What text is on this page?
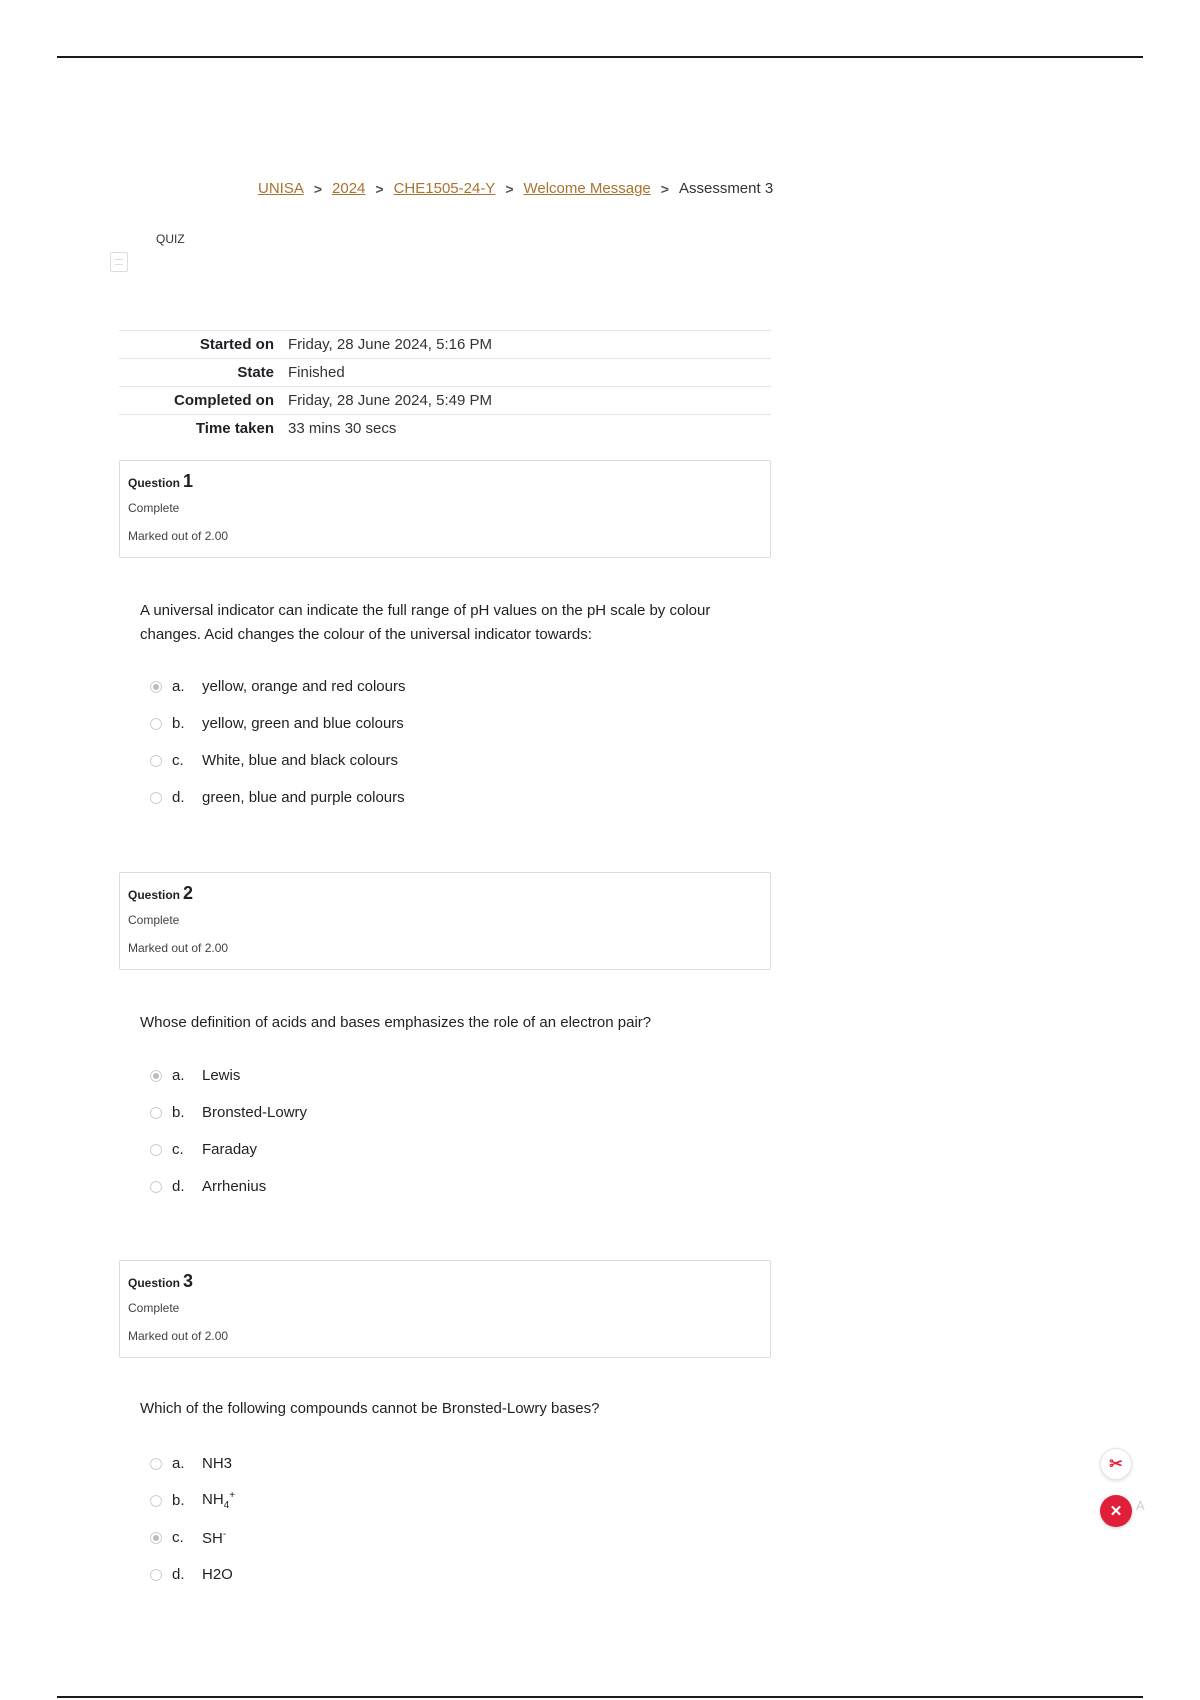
UNISA > 2024 > CHE1505-24-Y > Welcome Message > Assessment 3
QUIZ
Started on	Friday, 28 June 2024, 5:16 PM
State	Finished
Completed on	Friday, 28 June 2024, 5:49 PM
Time taken	33 mins 30 secs
Question 1
Complete
Marked out of 2.00
A universal indicator can indicate the full range of pH values on the pH scale by colour changes. Acid changes the colour of the universal indicator towards:
a.	yellow, orange and red colours
b.	yellow, green and blue colours
c.	White, blue and black colours
d.	green, blue and purple colours
Question 2
Complete
Marked out of 2.00
Whose definition of acids and bases emphasizes the role of an electron pair?
a.	Lewis
b.	Bronsted-Lowry
c.	Faraday
d.	Arrhenius
Question 3
Complete
Marked out of 2.00
Which of the following compounds cannot be Bronsted-Lowry bases?
a.	NH3
b.	$NH_4^+$
c.	SH-
d.	H2O
✂
✕	A
